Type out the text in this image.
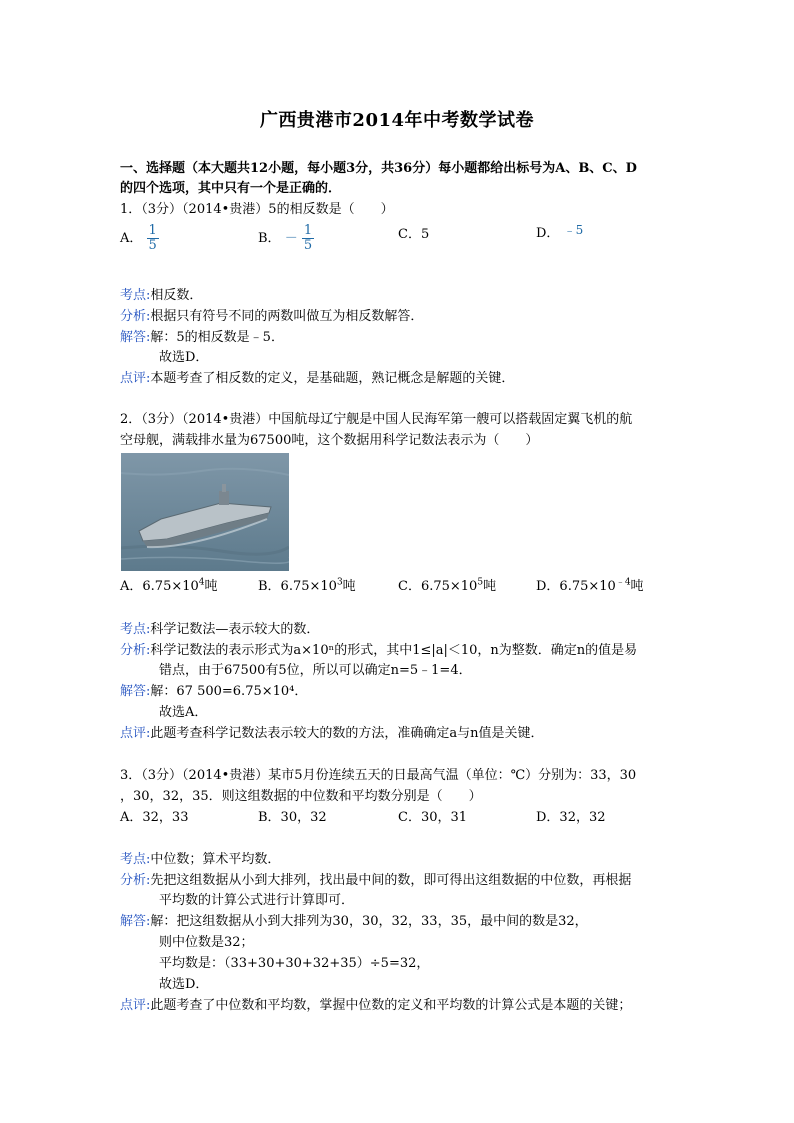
广西贵港市2014年中考数学试卷
一、选择题（本大题共12小题，每小题3分，共36分）每小题都给出标号为A、B、C、D
的四个选项，其中只有一个是正确的．
1．（3分）（2014•贵港）5的相反数是（　　）
A． $\frac{1}{5}$	B． － $\frac{1}{5}$	C．5	D． ﹣5
考点:相反数．
分析:根据只有符号不同的两数叫做互为相反数解答．
解答:解：5的相反数是﹣5．
故选D．
点评:本题考查了相反数的定义，是基础题，熟记概念是解题的关键．
2．（3分）（2014•贵港）中国航母辽宁舰是中国人民海军第一艘可以搭载固定翼飞机的航
空母舰，满载排水量为67500吨，这个数据用科学记数法表示为（　　）
A．$6.75\times 10^4$吨	B．$6.75\times 10^3$吨	C．$6.75\times 10^5$吨	D．$6.75\times 10^{﹣4}$吨
考点:科学记数法—表示较大的数．
分析:科学记数法的表示形式为a×10ⁿ的形式，其中1≤|a|＜10，n为整数．确定n的值是易
错点，由于67500有5位，所以可以确定n=5﹣1=4．
解答:解：67 500=6.75×10⁴．
故选A．
点评:此题考查科学记数法表示较大的数的方法，准确确定a与n值是关键．
3．（3分）（2014•贵港）某市5月份连续五天的日最高气温（单位：℃）分别为：33，30
，30，32，35．则这组数据的中位数和平均数分别是（　　）
A．32，33	B．30，32	C．30，31	D．32，32
考点:中位数；算术平均数．
分析:先把这组数据从小到大排列，找出最中间的数，即可得出这组数据的中位数，再根据
平均数的计算公式进行计算即可．
解答:解：把这组数据从小到大排列为30，30，32，33，35，最中间的数是32，
则中位数是32；
平均数是：（33+30+30+32+35）÷5=32，
故选D．
点评:此题考查了中位数和平均数，掌握中位数的定义和平均数的计算公式是本题的关键；
